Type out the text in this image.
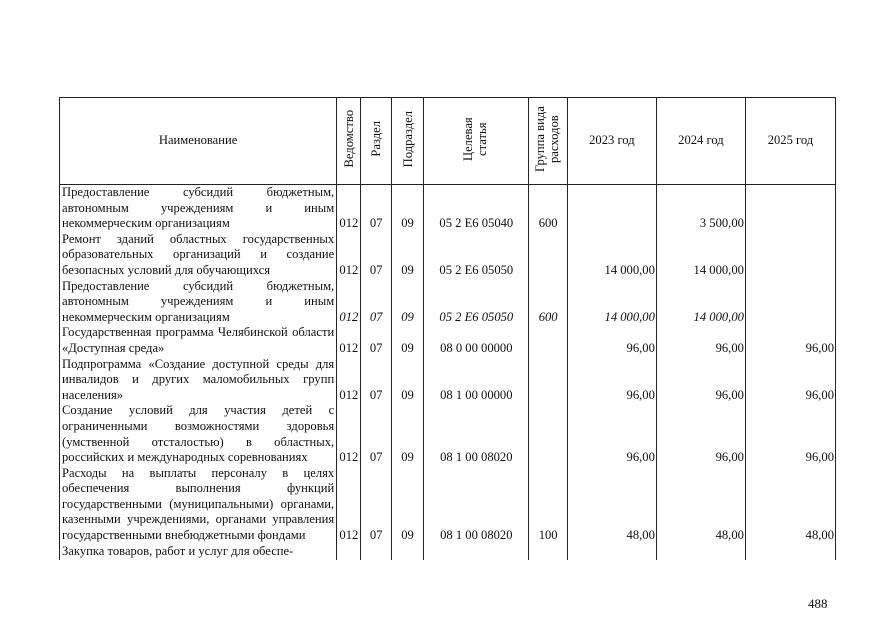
Наименование	Ведомство	Раздел	Подраздел	Целевая статья	Группа вида расходов	2023 год	2024 год	2025 год
Предоставление субсидий бюджетным, автономным учреждениям и иным некоммерческим организациям	012	07	09	05 2 Е6 05040	600		3 500,00	
Ремонт зданий областных государственных образовательных организаций и создание безопасных условий для обучающихся	012	07	09	05 2 Е6 05050		14 000,00	14 000,00	
Предоставление субсидий бюджетным, автономным учреждениям и иным некоммерческим организациям	012	07	09	05 2 Е6 05050	600	14 000,00	14 000,00	
Государственная программа Челябинской области «Доступная среда»	012	07	09	08 0 00 00000		96,00	96,00	96,00
Подпрограмма «Создание доступной среды для инвалидов и других маломобильных групп населения»	012	07	09	08 1 00 00000		96,00	96,00	96,00
Создание условий для участия детей с ограниченными возможностями здоровья (умственной отсталостью) в областных, российских и международных соревнованиях	012	07	09	08 1 00 08020		96,00	96,00	96,00
Расходы на выплаты персоналу в целях обеспечения выполнения функций государственными (муниципальными) органами, казенными учреждениями, органами управления государственными внебюджетными фондами	012	07	09	08 1 00 08020	100	48,00	48,00	48,00
Закупка товаров, работ и услуг для обеспе-								
488
